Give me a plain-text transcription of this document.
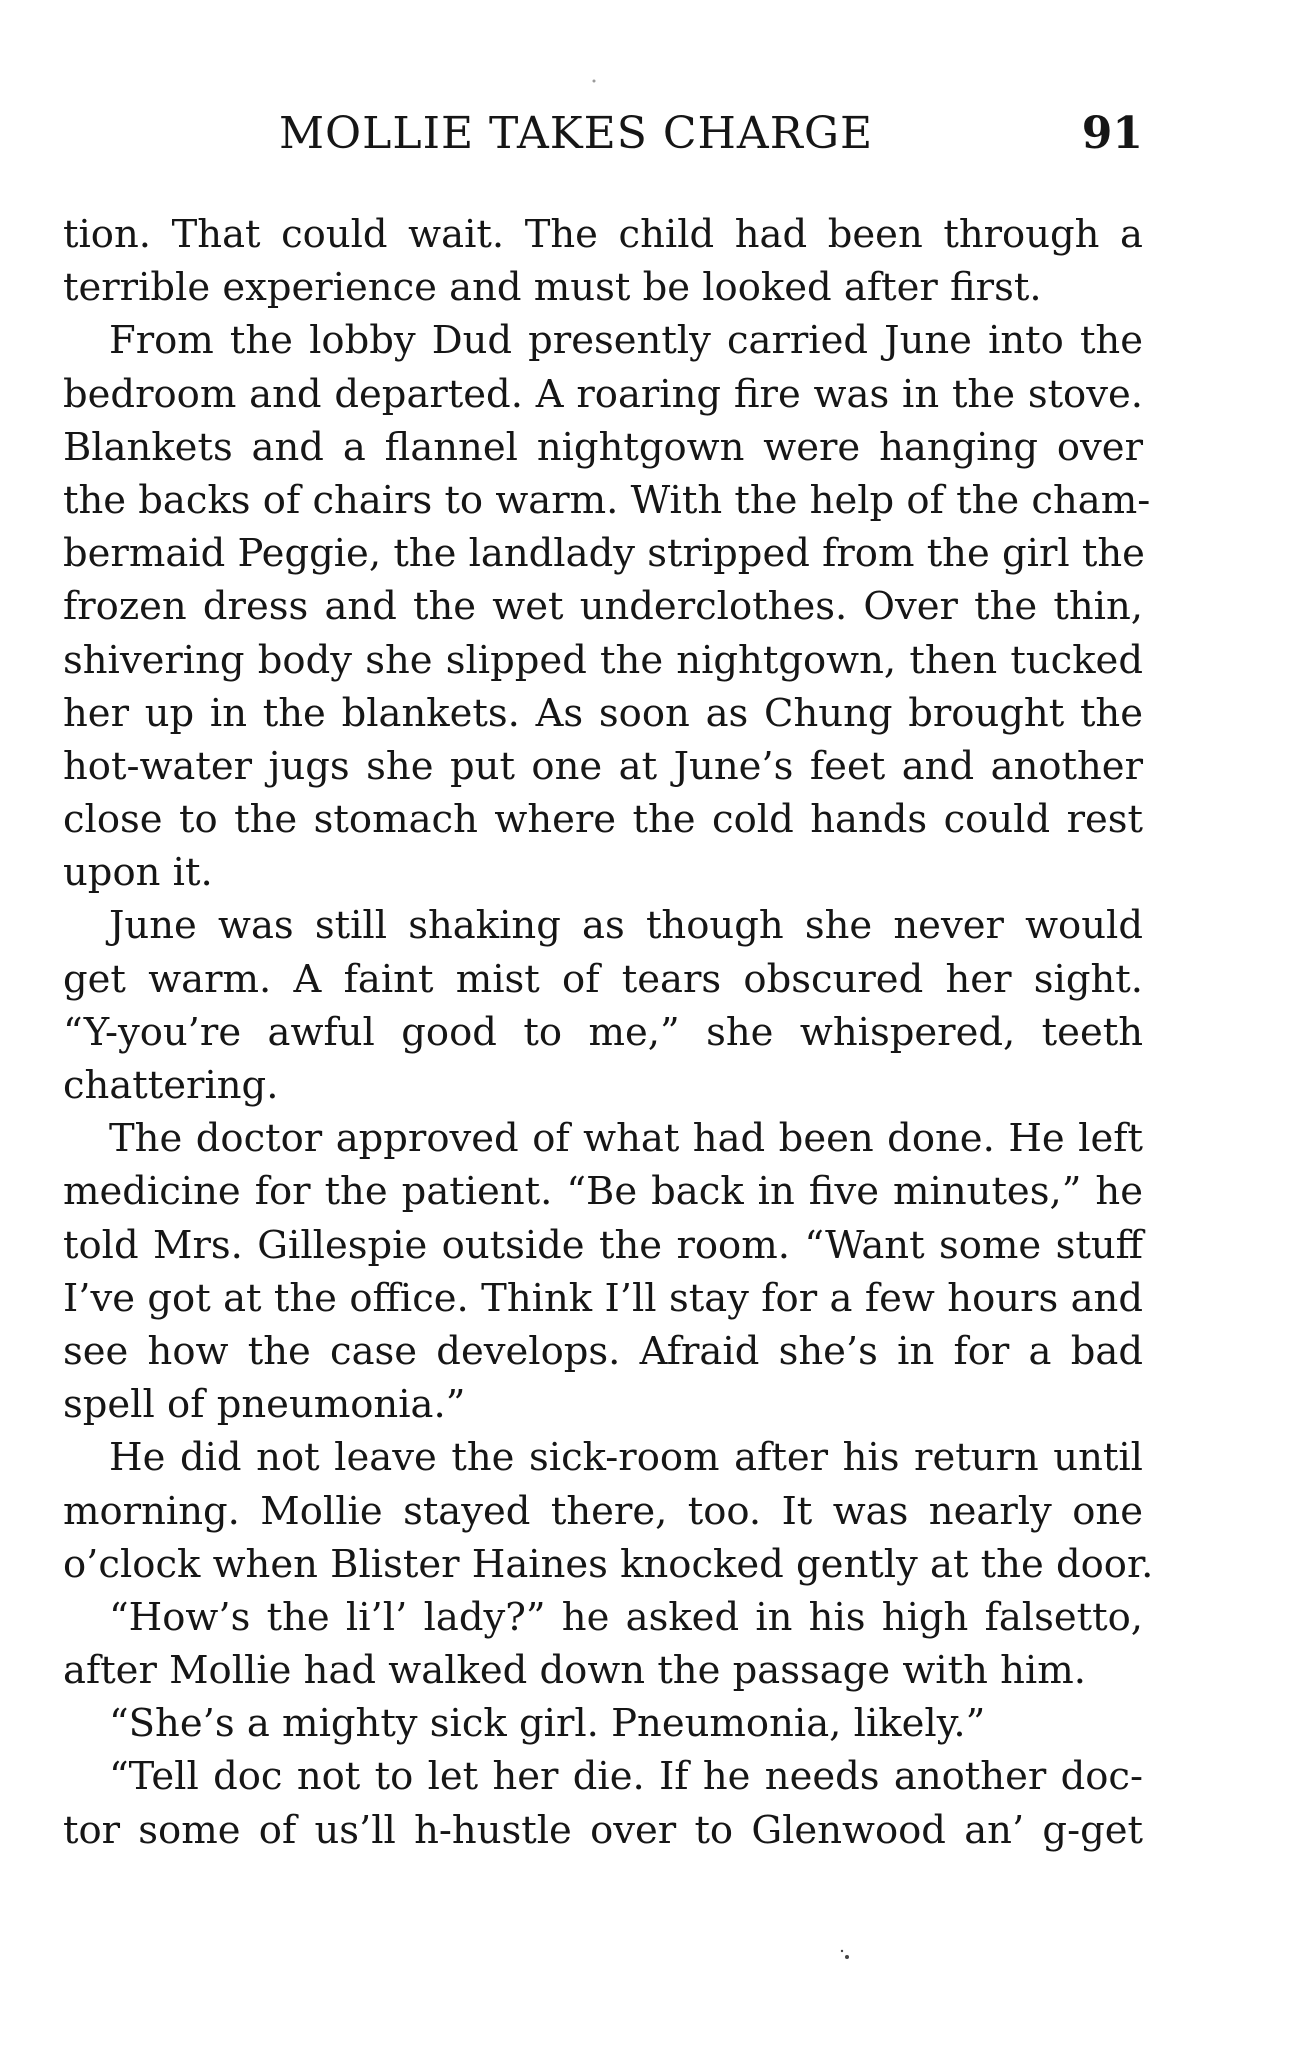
MOLLIE TAKES CHARGE	91
tion. That could wait. The child had been through a
terrible experience and must be looked after first.
From the lobby Dud presently carried June into the
bedroom and departed. A roaring fire was in the stove.
Blankets and a flannel nightgown were hanging over
the backs of chairs to warm. With the help of the cham-
bermaid Peggie, the landlady stripped from the girl the
frozen dress and the wet underclothes. Over the thin,
shivering body she slipped the nightgown, then tucked
her up in the blankets. As soon as Chung brought the
hot-water jugs she put one at June’s feet and another
close to the stomach where the cold hands could rest
upon it.
June was still shaking as though she never would
get warm. A faint mist of tears obscured her sight.
“Y-you’re awful good to me,” she whispered, teeth
chattering.
The doctor approved of what had been done. He left
medicine for the patient. “Be back in five minutes,” he
told Mrs. Gillespie outside the room. “Want some stuff
I’ve got at the office. Think I’ll stay for a few hours and
see how the case develops. Afraid she’s in for a bad
spell of pneumonia.”
He did not leave the sick-room after his return until
morning. Mollie stayed there, too. It was nearly one
o’clock when Blister Haines knocked gently at the door.
“How’s the li’l’ lady?” he asked in his high falsetto,
after Mollie had walked down the passage with him.
“She’s a mighty sick girl. Pneumonia, likely.”
“Tell doc not to let her die. If he needs another doc-
tor some of us’ll h-hustle over to Glenwood an’ g-get
